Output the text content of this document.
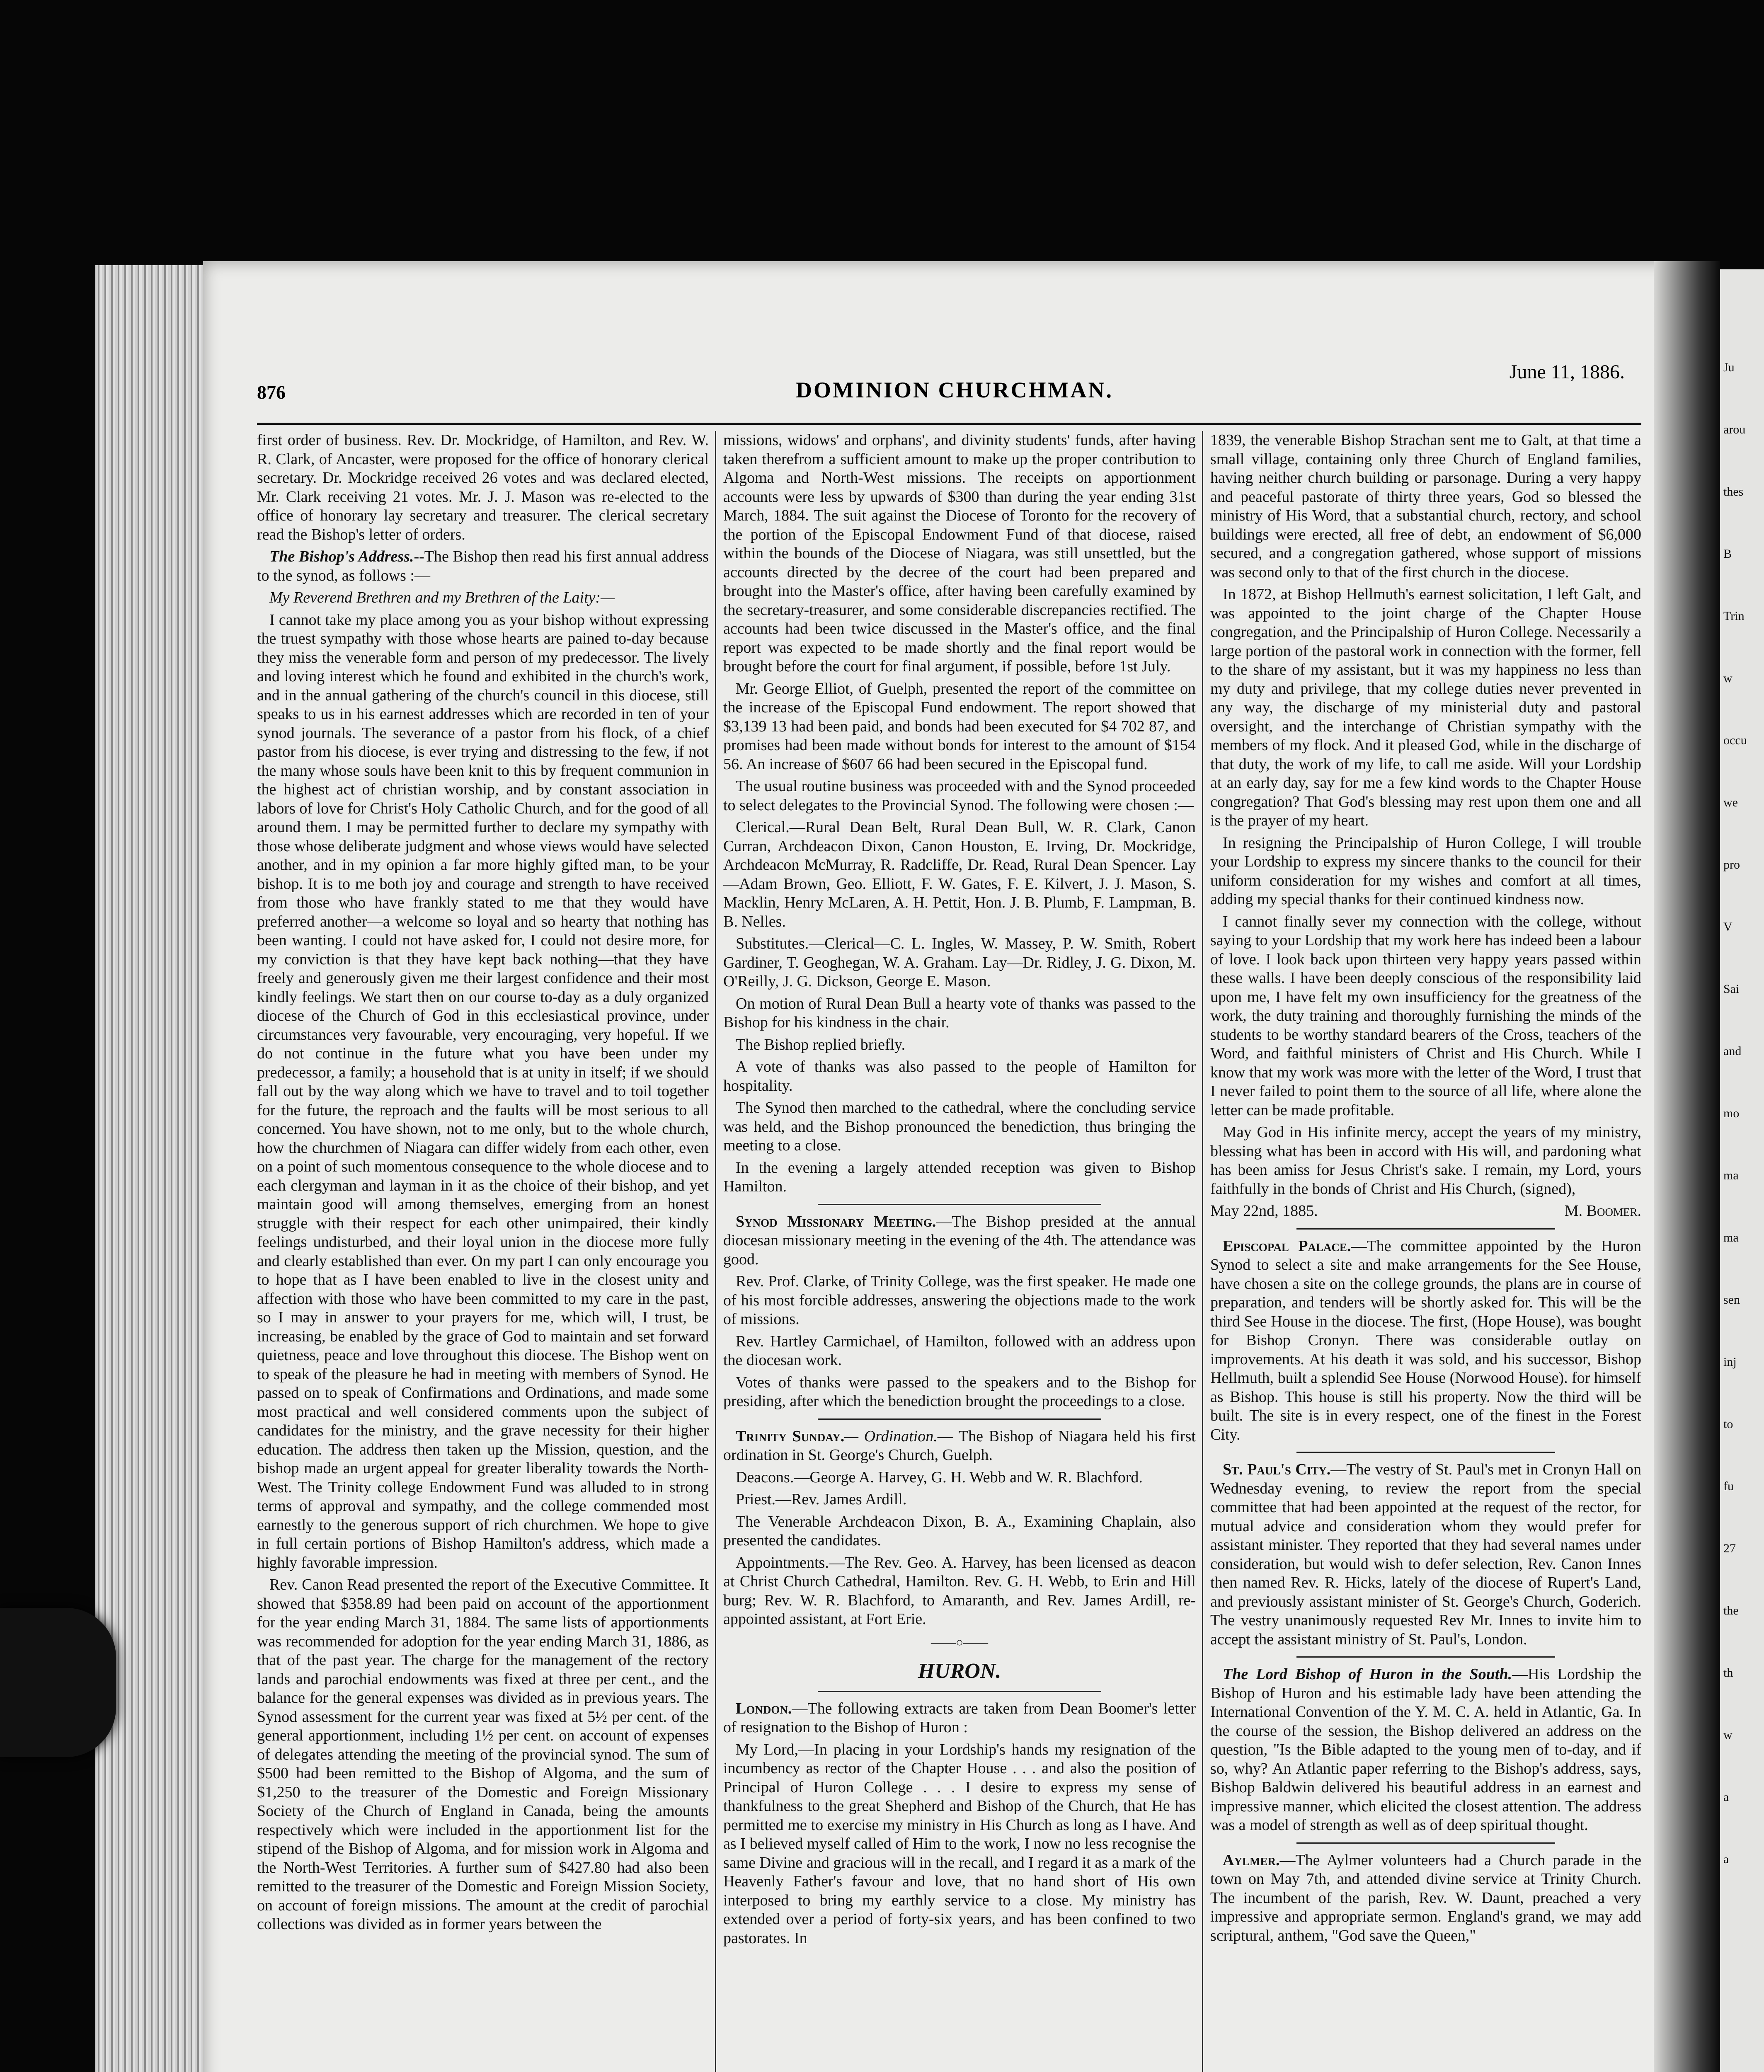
Ju
arou
thes
B
Trin
w
occu
we
pro
V
Sai
and
mo
ma
ma
sen
inj
to
fu
27
the
th
w
a
a
876	DOMINION CHURCHMAN.
June 11, 1886.

first order of business. Rev. Dr. Mockridge, of Hamilton, and Rev. W. R. Clark, of Ancaster, were proposed for the office of honorary clerical secretary. Dr. Mockridge received 26 votes and was declared elected, Mr. Clark receiving 21 votes. Mr. J. J. Mason was re-elected to the office of honorary lay secretary and treasurer. The clerical secretary read the Bishop's letter of orders.

The Bishop's Address.--The Bishop then read his first annual address to the synod, as follows :—

My Reverend Brethren and my Brethren of the Laity:—

I cannot take my place among you as your bishop without expressing the truest sympathy with those whose hearts are pained to-day because they miss the venerable form and person of my predecessor. The lively and loving interest which he found and exhibited in the church's work, and in the annual gathering of the church's council in this diocese, still speaks to us in his earnest addresses which are recorded in ten of your synod journals. The severance of a pastor from his flock, of a chief pastor from his diocese, is ever trying and distressing to the few, if not the many whose souls have been knit to this by frequent communion in the highest act of christian worship, and by constant association in labors of love for Christ's Holy Catholic Church, and for the good of all around them. I may be permitted further to declare my sympathy with those whose deliberate judgment and whose views would have selected another, and in my opinion a far more highly gifted man, to be your bishop. It is to me both joy and courage and strength to have received from those who have frankly stated to me that they would have preferred another—a welcome so loyal and so hearty that nothing has been wanting. I could not have asked for, I could not desire more, for my conviction is that they have kept back nothing—that they have freely and generously given me their largest confidence and their most kindly feelings. We start then on our course to-day as a duly organized diocese of the Church of God in this ecclesiastical province, under circumstances very favourable, very encouraging, very hopeful. If we do not continue in the future what you have been under my predecessor, a family; a household that is at unity in itself; if we should fall out by the way along which we have to travel and to toil together for the future, the reproach and the faults will be most serious to all concerned. You have shown, not to me only, but to the whole church, how the churchmen of Niagara can differ widely from each other, even on a point of such momentous consequence to the whole diocese and to each clergyman and layman in it as the choice of their bishop, and yet maintain good will among themselves, emerging from an honest struggle with their respect for each other unimpaired, their kindly feelings undisturbed, and their loyal union in the diocese more fully and clearly established than ever. On my part I can only encourage you to hope that as I have been enabled to live in the closest unity and affection with those who have been committed to my care in the past, so I may in answer to your prayers for me, which will, I trust, be increasing, be enabled by the grace of God to maintain and set forward quietness, peace and love throughout this diocese. The Bishop went on to speak of the pleasure he had in meeting with members of Synod. He passed on to speak of Confirmations and Ordinations, and made some most practical and well considered comments upon the subject of candidates for the ministry, and the grave necessity for their higher education. The address then taken up the Mission, question, and the bishop made an urgent appeal for greater liberality towards the North-West. The Trinity college Endowment Fund was alluded to in strong terms of approval and sympathy, and the college commended most earnestly to the generous support of rich churchmen. We hope to give in full certain portions of Bishop Hamilton's address, which made a highly favorable impression.

Rev. Canon Read presented the report of the Executive Committee. It showed that $358.89 had been paid on account of the apportionment for the year ending March 31, 1884. The same lists of apportionments was recommended for adoption for the year ending March 31, 1886, as that of the past year. The charge for the management of the rectory lands and parochial endowments was fixed at three per cent., and the balance for the general expenses was divided as in previous years. The Synod assessment for the current year was fixed at 5½ per cent. of the general apportionment, including 1½ per cent. on account of expenses of delegates attending the meeting of the provincial synod. The sum of $500 had been remitted to the Bishop of Algoma, and the sum of $1,250 to the treasurer of the Domestic and Foreign Missionary Society of the Church of England in Canada, being the amounts respectively which were included in the apportionment list for the stipend of the Bishop of Algoma, and for mission work in Algoma and the North-West Territories. A further sum of $427.80 had also been remitted to the treasurer of the Domestic and Foreign Mission Society, on account of foreign missions. The amount at the credit of parochial collections was divided as in former years between the

missions, widows' and orphans', and divinity students' funds, after having taken therefrom a sufficient amount to make up the proper contribution to Algoma and North-West missions. The receipts on apportionment accounts were less by upwards of $300 than during the year ending 31st March, 1884. The suit against the Diocese of Toronto for the recovery of the portion of the Episcopal Endowment Fund of that diocese, raised within the bounds of the Diocese of Niagara, was still unsettled, but the accounts directed by the decree of the court had been prepared and brought into the Master's office, after having been carefully examined by the secretary-treasurer, and some considerable discrepancies rectified. The accounts had been twice discussed in the Master's office, and the final report was expected to be made shortly and the final report would be brought before the court for final argument, if possible, before 1st July.

Mr. George Elliot, of Guelph, presented the report of the committee on the increase of the Episcopal Fund endowment. The report showed that $3,139 13 had been paid, and bonds had been executed for $4 702 87, and promises had been made without bonds for interest to the amount of $154 56. An increase of $607 66 had been secured in the Episcopal fund.

The usual routine business was proceeded with and the Synod proceeded to select delegates to the Provincial Synod. The following were chosen :—

Clerical.—Rural Dean Belt, Rural Dean Bull, W. R. Clark, Canon Curran, Archdeacon Dixon, Canon Houston, E. Irving, Dr. Mockridge, Archdeacon McMurray, R. Radcliffe, Dr. Read, Rural Dean Spencer. Lay—Adam Brown, Geo. Elliott, F. W. Gates, F. E. Kilvert, J. J. Mason, S. Macklin, Henry McLaren, A. H. Pettit, Hon. J. B. Plumb, F. Lampman, B. B. Nelles.

Substitutes.—Clerical—C. L. Ingles, W. Massey, P. W. Smith, Robert Gardiner, T. Geoghegan, W. A. Graham. Lay—Dr. Ridley, J. G. Dixon, M. O'Reilly, J. G. Dickson, George E. Mason.

On motion of Rural Dean Bull a hearty vote of thanks was passed to the Bishop for his kindness in the chair.

The Bishop replied briefly.

A vote of thanks was also passed to the people of Hamilton for hospitality.

The Synod then marched to the cathedral, where the concluding service was held, and the Bishop pronounced the benediction, thus bringing the meeting to a close.

In the evening a largely attended reception was given to Bishop Hamilton.

Synod Missionary Meeting.—The Bishop presided at the annual diocesan missionary meeting in the evening of the 4th. The attendance was good.

Rev. Prof. Clarke, of Trinity College, was the first speaker. He made one of his most forcible addresses, answering the objections made to the work of missions.

Rev. Hartley Carmichael, of Hamilton, followed with an address upon the diocesan work.

Votes of thanks were passed to the speakers and to the Bishop for presiding, after which the benediction brought the proceedings to a close.

Trinity Sunday.— Ordination.— The Bishop of Niagara held his first ordination in St. George's Church, Guelph.

Deacons.—George A. Harvey, G. H. Webb and W. R. Blachford.

Priest.—Rev. James Ardill.

The Venerable Archdeacon Dixon, B. A., Examining Chaplain, also presented the candidates.

Appointments.—The Rev. Geo. A. Harvey, has been licensed as deacon at Christ Church Cathedral, Hamilton. Rev. G. H. Webb, to Erin and Hill burg; Rev. W. R. Blachford, to Amaranth, and Rev. James Ardill, re-appointed assistant, at Fort Erie.

——○——
HURON.

London.—The following extracts are taken from Dean Boomer's letter of resignation to the Bishop of Huron :

My Lord,—In placing in your Lordship's hands my resignation of the incumbency as rector of the Chapter House . . . and also the position of Principal of Huron College . . . I desire to express my sense of thankfulness to the great Shepherd and Bishop of the Church, that He has permitted me to exercise my ministry in His Church as long as I have. And as I believed myself called of Him to the work, I now no less recognise the same Divine and gracious will in the recall, and I regard it as a mark of the Heavenly Father's favour and love, that no hand short of His own interposed to bring my earthly service to a close. My ministry has extended over a period of forty-six years, and has been confined to two pastorates. In

1839, the venerable Bishop Strachan sent me to Galt, at that time a small village, containing only three Church of England families, having neither church building or parsonage. During a very happy and peaceful pastorate of thirty three years, God so blessed the ministry of His Word, that a substantial church, rectory, and school buildings were erected, all free of debt, an endowment of $6,000 secured, and a congregation gathered, whose support of missions was second only to that of the first church in the diocese.

In 1872, at Bishop Hellmuth's earnest solicitation, I left Galt, and was appointed to the joint charge of the Chapter House congregation, and the Principalship of Huron College. Necessarily a large portion of the pastoral work in connection with the former, fell to the share of my assistant, but it was my happiness no less than my duty and privilege, that my college duties never prevented in any way, the discharge of my ministerial duty and pastoral oversight, and the interchange of Christian sympathy with the members of my flock. And it pleased God, while in the discharge of that duty, the work of my life, to call me aside. Will your Lordship at an early day, say for me a few kind words to the Chapter House congregation? That God's blessing may rest upon them one and all is the prayer of my heart.

In resigning the Principalship of Huron College, I will trouble your Lordship to express my sincere thanks to the council for their uniform consideration for my wishes and comfort at all times, adding my special thanks for their continued kindness now.

I cannot finally sever my connection with the college, without saying to your Lordship that my work here has indeed been a labour of love. I look back upon thirteen very happy years passed within these walls. I have been deeply conscious of the responsibility laid upon me, I have felt my own insufficiency for the greatness of the work, the duty training and thoroughly furnishing the minds of the students to be worthy standard bearers of the Cross, teachers of the Word, and faithful ministers of Christ and His Church. While I know that my work was more with the letter of the Word, I trust that I never failed to point them to the source of all life, where alone the letter can be made profitable.

May God in His infinite mercy, accept the years of my ministry, blessing what has been in accord with His will, and pardoning what has been amiss for Jesus Christ's sake. I remain, my Lord, yours faithfully in the bonds of Christ and His Church, (signed),

May 22nd, 1885.	M. Boomer.

Episcopal Palace.—The committee appointed by the Huron Synod to select a site and make arrangements for the See House, have chosen a site on the college grounds, the plans are in course of preparation, and tenders will be shortly asked for. This will be the third See House in the diocese. The first, (Hope House), was bought for Bishop Cronyn. There was considerable outlay on improvements. At his death it was sold, and his successor, Bishop Hellmuth, built a splendid See House (Norwood House). for himself as Bishop. This house is still his property. Now the third will be built. The site is in every respect, one of the finest in the Forest City.

St. Paul's City.—The vestry of St. Paul's met in Cronyn Hall on Wednesday evening, to review the report from the special committee that had been appointed at the request of the rector, for mutual advice and consideration whom they would prefer for assistant minister. They reported that they had several names under consideration, but would wish to defer selection, Rev. Canon Innes then named Rev. R. Hicks, lately of the diocese of Rupert's Land, and previously assistant minister of St. George's Church, Goderich. The vestry unanimously requested Rev Mr. Innes to invite him to accept the assistant ministry of St. Paul's, London.

The Lord Bishop of Huron in the South.—His Lordship the Bishop of Huron and his estimable lady have been attending the International Convention of the Y. M. C. A. held in Atlantic, Ga. In the course of the session, the Bishop delivered an address on the question, "Is the Bible adapted to the young men of to-day, and if so, why? An Atlantic paper referring to the Bishop's address, says, Bishop Baldwin delivered his beautiful address in an earnest and impressive manner, which elicited the closest attention. The address was a model of strength as well as of deep spiritual thought.

Aylmer.—The Aylmer volunteers had a Church parade in the town on May 7th, and attended divine service at Trinity Church. The incumbent of the parish, Rev. W. Daunt, preached a very impressive and appropriate sermon. England's grand, we may add scriptural, anthem, "God save the Queen,"
